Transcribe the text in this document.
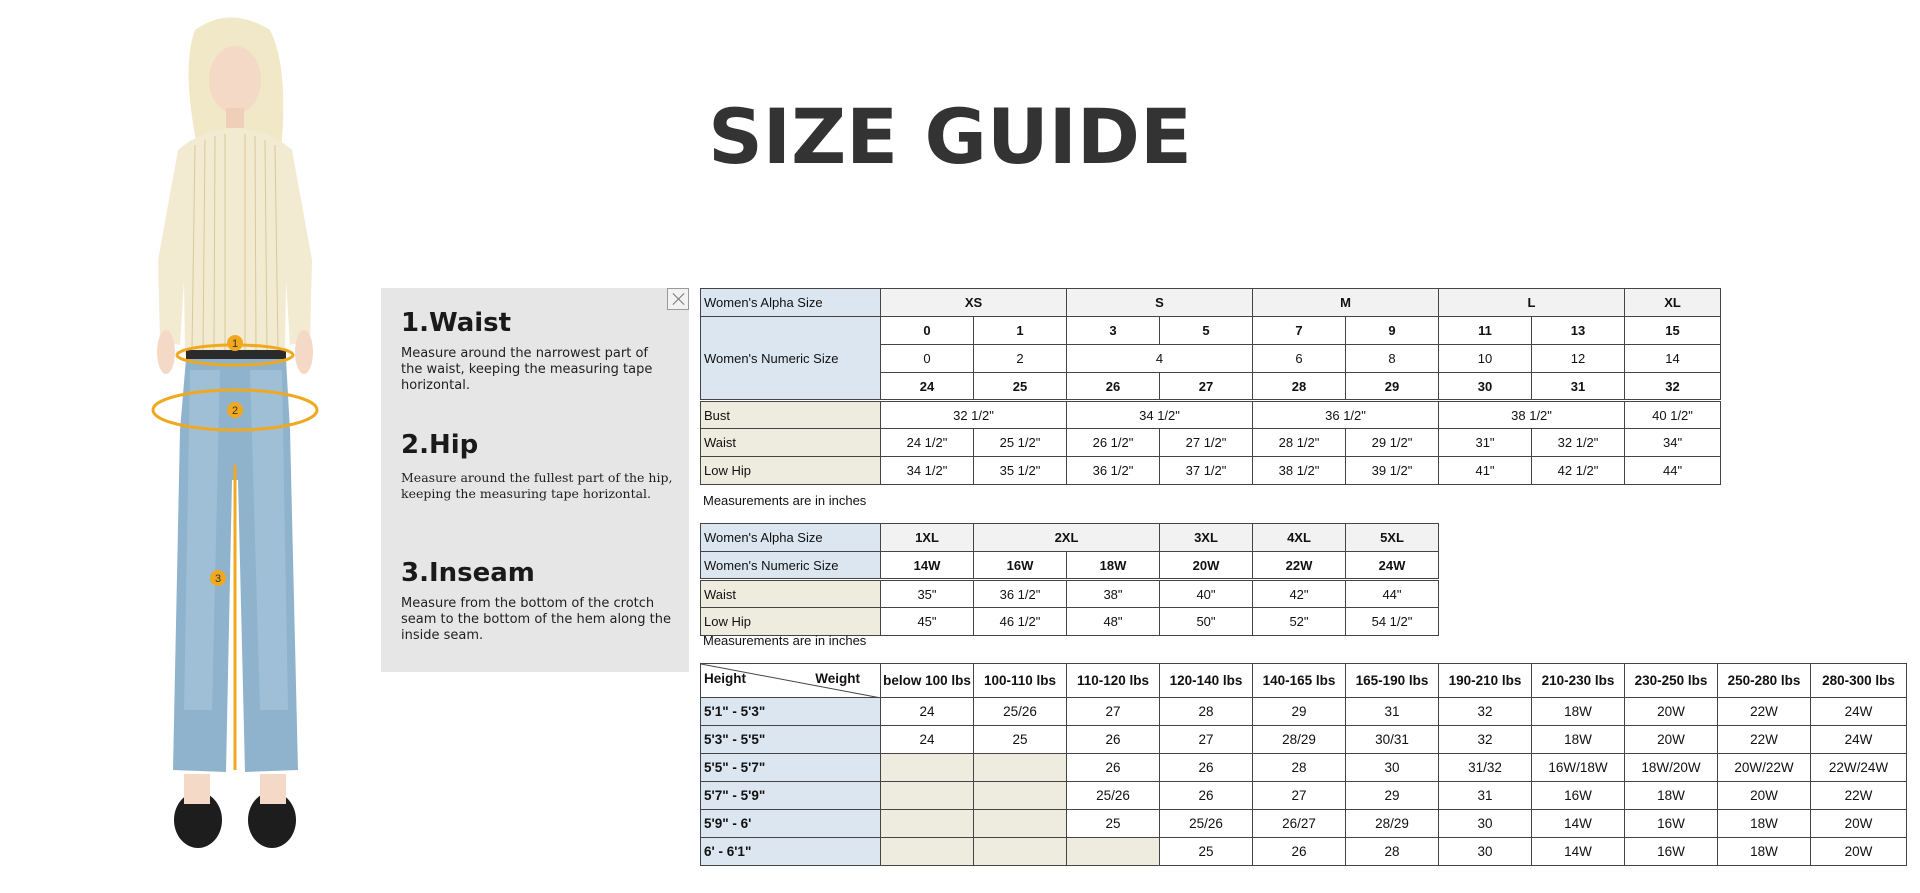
SIZE GUIDE
1
2
3
1.Waist
Measure around the narrowest part of the waist, keeping the measuring tape horizontal.
2.Hip
Measure around the fullest part of the hip, keeping the measuring tape horizontal.
3.Inseam
Measure from the bottom of the crotch seam to the bottom of the hem along the inside seam.
Women's Alpha Size	XS		S		M		L		XL
Women's Numeric Size	0	1	3	5	7	9	11	13	15
	0	2	4		6	8	10	12	14
	24	25	26	27	28	29	30	31	32
Bust	32 1/2"		34 1/2"		36 1/2"		38 1/2"		40 1/2"
Waist	24 1/2"	25 1/2"	26 1/2"	27 1/2"	28 1/2"	29 1/2"	31"	32 1/2"	34"
Low Hip	34 1/2"	35 1/2"	36 1/2"	37 1/2"	38 1/2"	39 1/2"	41"	42 1/2"	44"
Measurements are in inches
Women's Alpha Size	1XL	2XL		3XL	4XL	5XL
Women's Numeric Size	14W	16W	18W	20W	22W	24W
Waist	35"	36 1/2"	38"	40"	42"	44"
Low Hip	45"	46 1/2"	48"	50"	52"	54 1/2"
Measurements are in inches
Height Weight	below 100 lbs	100-110 lbs	110-120 lbs	120-140 lbs	140-165 lbs	165-190 lbs	190-210 lbs	210-230 lbs	230-250 lbs	250-280 lbs	280-300 lbs
5'1" - 5'3"	24	25/26	27	28	29	31	32	18W	20W	22W	24W
5'3" - 5'5"	24	25	26	27	28/29	30/31	32	18W	20W	22W	24W
5'5" - 5'7"			26	26	28	30	31/32	16W/18W	18W/20W	20W/22W	22W/24W
5'7" - 5'9"			25/26	26	27	29	31	16W	18W	20W	22W
5'9" - 6'			25	25/26	26/27	28/29	30	14W	16W	18W	20W
6' - 6'1"				25	26	28	30	14W	16W	18W	20W
